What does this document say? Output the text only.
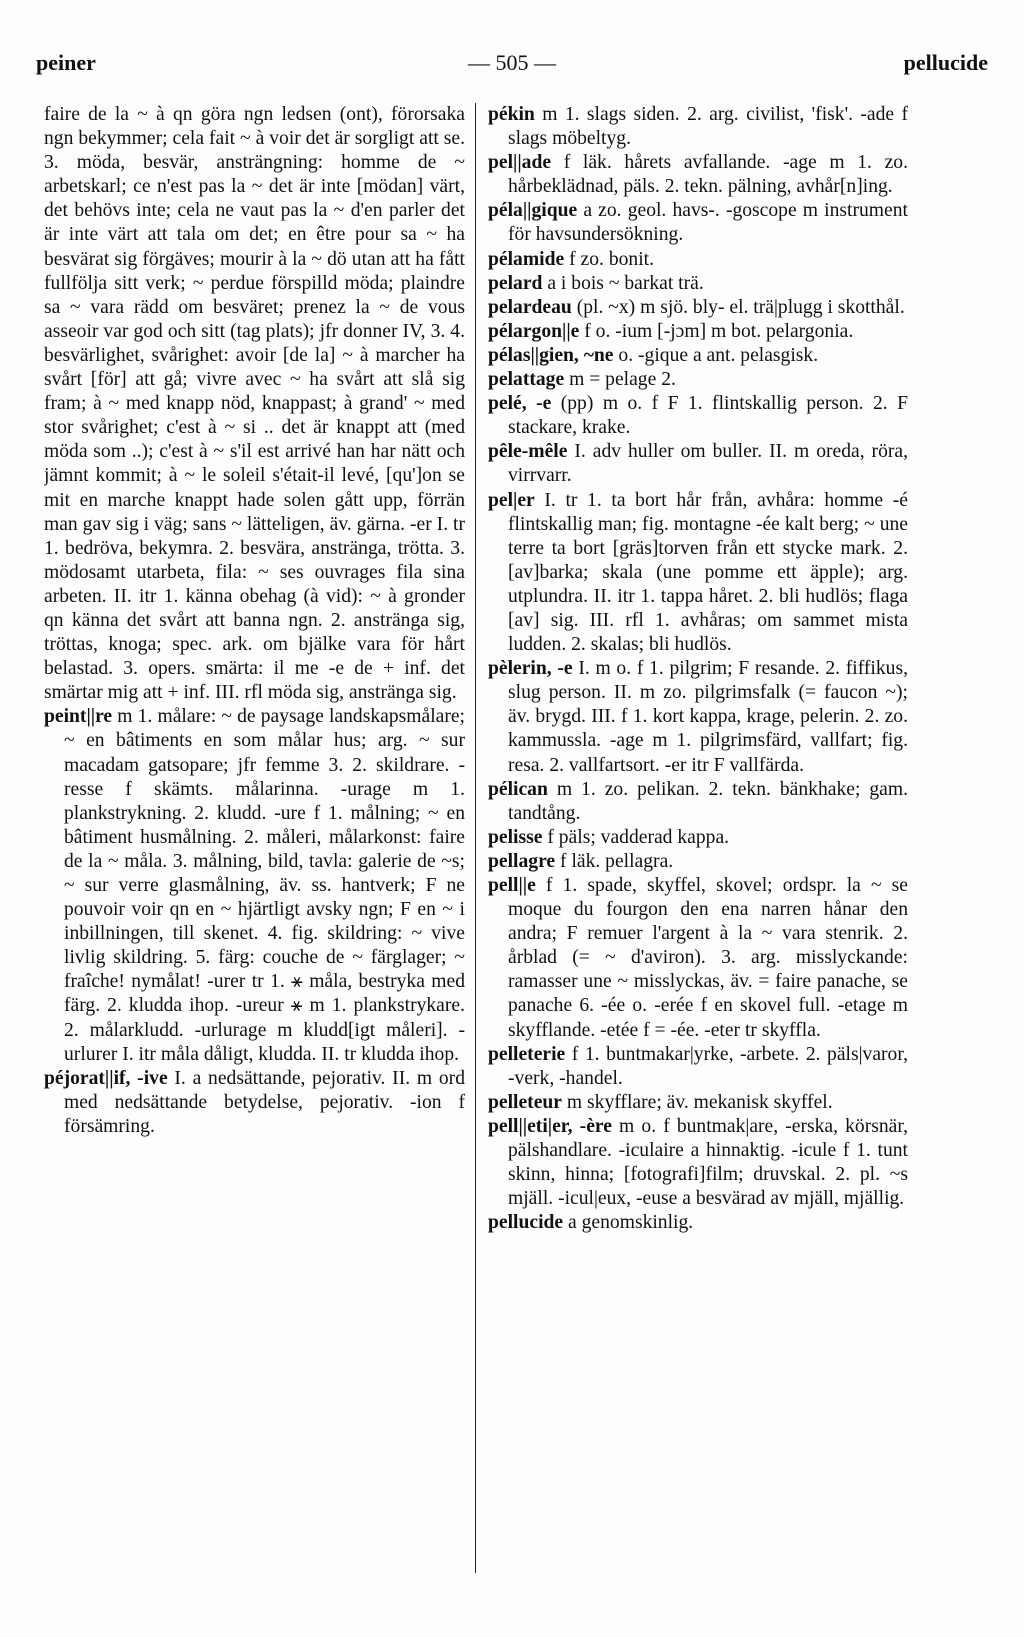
peiner	— 505 —	pellucide

faire de la ~ à qn göra ngn ledsen (ont), förorsaka ngn bekymmer; cela fait ~ à voir det är sorgligt att se. 3. möda, besvär, ansträngning: homme de ~ arbetskarl; ce n'est pas la ~ det är inte [mödan] värt, det behövs inte; cela ne vaut pas la ~ d'en parler det är inte värt att tala om det; en être pour sa ~ ha besvärat sig förgäves; mourir à la ~ dö utan att ha fått fullfölja sitt verk; ~ perdue förspilld möda; plaindre sa ~ vara rädd om besväret; prenez la ~ de vous asseoir var god och sitt (tag plats); jfr donner IV, 3. 4. besvärlighet, svårighet: avoir [de la] ~ à marcher ha svårt [för] att gå; vivre avec ~ ha svårt att slå sig fram; à ~ med knapp nöd, knappast; à grand' ~ med stor svårighet; c'est à ~ si .. det är knappt att (med möda som ..); c'est à ~ s'il est arrivé han har nätt och jämnt kommit; à ~ le soleil s'était-il levé, [qu']on se mit en marche knappt hade solen gått upp, förrän man gav sig i väg; sans ~ lätteligen, äv. gärna. -er I. tr 1. bedröva, bekymra. 2. besvära, anstränga, trötta. 3. mödosamt utarbeta, fila: ~ ses ouvrages fila sina arbeten. II. itr 1. känna obehag (à vid): ~ à gronder qn känna det svårt att banna ngn. 2. anstränga sig, tröttas, knoga; spec. ark. om bjälke vara för hårt belastad. 3. opers. smärta: il me -e de + inf. det smärtar mig att + inf. III. rfl möda sig, anstränga sig.

peint||re m 1. målare: ~ de paysage landskapsmålare; ~ en bâtiments en som målar hus; arg. ~ sur macadam gatsopare; jfr femme 3. 2. skildrare. -resse f skämts. målarinna. -urage m 1. plankstrykning. 2. kludd. -ure f 1. målning; ~ en bâtiment husmålning. 2. måleri, målarkonst: faire de la ~ måla. 3. målning, bild, tavla: galerie de ~s; ~ sur verre glasmålning, äv. ss. hantverk; F ne pouvoir voir qn en ~ hjärtligt avsky ngn; F en ~ i inbillningen, till skenet. 4. fig. skildring: ~ vive livlig skildring. 5. färg: couche de ~ färglager; ~ fraîche! nymålat! -urer tr 1. ⚹ måla, bestryka med färg. 2. kludda ihop. -ureur ⚹ m 1. plankstrykare. 2. målarkludd. -urlurage m kludd[igt måleri]. -urlurer I. itr måla dåligt, kludda. II. tr kludda ihop.

péjorat||if, -ive I. a nedsättande, pejorativ. II. m ord med nedsättande betydelse, pejorativ. -ion f försämring.

pékin m 1. slags siden. 2. arg. civilist, 'fisk'. -ade f slags möbeltyg.

pel||ade f läk. hårets avfallande. -age m 1. zo. hårbeklädnad, päls. 2. tekn. pälning, avhår[n]ing.

péla||gique a zo. geol. havs-. -goscope m instrument för havsundersökning.

pélamide f zo. bonit.

pelard a i bois ~ barkat trä.

pelardeau (pl. ~x) m sjö. bly- el. trä|plugg i skotthål.

pélargon||e f o. -ium [-jɔm] m bot. pelargonia.

pélas||gien, ~ne o. -gique a ant. pelasgisk.

pelattage m = pelage 2.

pelé, -e (pp) m o. f F 1. flintskallig person. 2. F stackare, krake.

pêle-mêle I. adv huller om buller. II. m oreda, röra, virrvarr.

pel|er I. tr 1. ta bort hår från, avhåra: homme -é flintskallig man; fig. montagne -ée kalt berg; ~ une terre ta bort [gräs]torven från ett stycke mark. 2. [av]barka; skala (une pomme ett äpple); arg. utplundra. II. itr 1. tappa håret. 2. bli hudlös; flaga [av] sig. III. rfl 1. avhåras; om sammet mista ludden. 2. skalas; bli hudlös.

pèlerin, -e I. m o. f 1. pilgrim; F resande. 2. fiffikus, slug person. II. m zo. pilgrimsfalk (= faucon ~); äv. brygd. III. f 1. kort kappa, krage, pelerin. 2. zo. kammussla. -age m 1. pilgrimsfärd, vallfart; fig. resa. 2. vallfartsort. -er itr F vallfärda.

pélican m 1. zo. pelikan. 2. tekn. bänkhake; gam. tandtång.

pelisse f päls; vadderad kappa.

pellagre f läk. pellagra.

pell||e f 1. spade, skyffel, skovel; ordspr. la ~ se moque du fourgon den ena narren hånar den andra; F remuer l'argent à la ~ vara stenrik. 2. årblad (= ~ d'aviron). 3. arg. misslyckande: ramasser une ~ misslyckas, äv. = faire panache, se panache 6. -ée o. -erée f en skovel full. -etage m skyfflande. -etée f = -ée. -eter tr skyffla.

pelleterie f 1. buntmakar|yrke, -arbete. 2. päls|varor, -verk, -handel.

pelleteur m skyfflare; äv. mekanisk skyffel.

pell||eti|er, -ère m o. f buntmak|are, -erska, körsnär, pälshandlare. -iculaire a hinnaktig. -icule f 1. tunt skinn, hinna; [fotografi]film; druvskal. 2. pl. ~s mjäll. -icul|eux, -euse a besvärad av mjäll, mjällig.

pellucide a genomskinlig.
